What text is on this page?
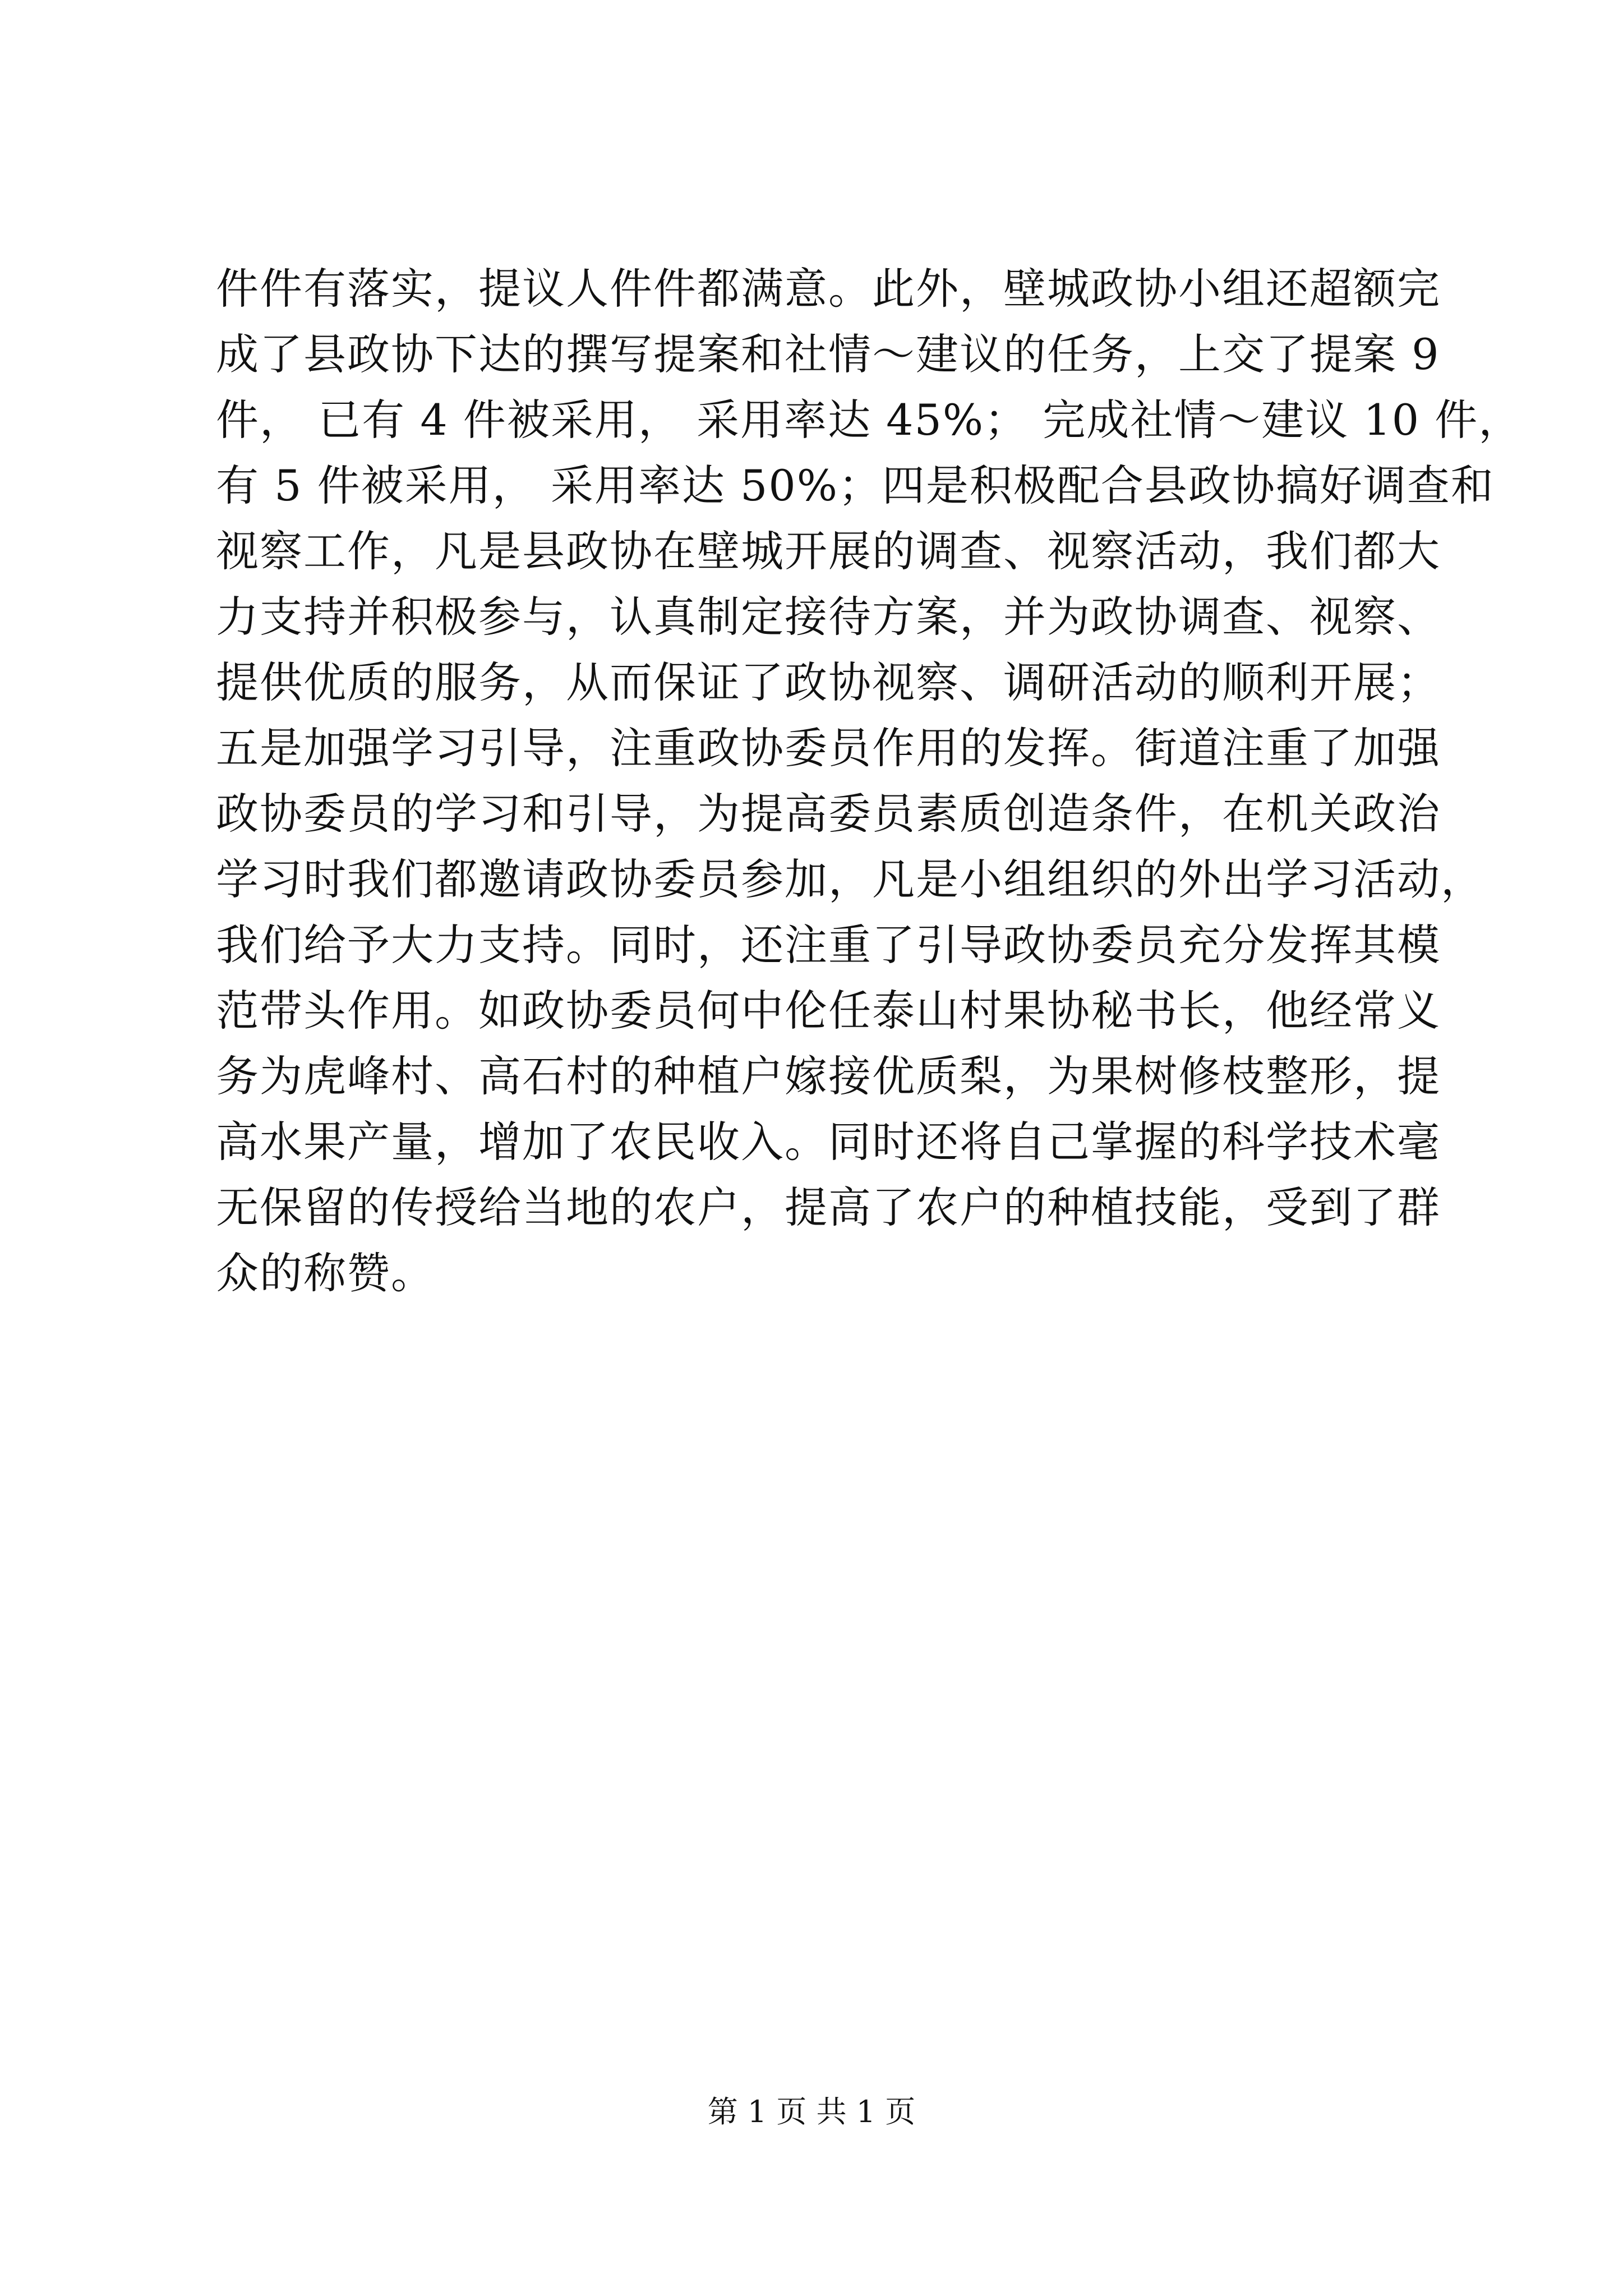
件件有落实，提议人件件都满意。此外，壁城政协小组还超额完
成了县政协下达的撰写提案和社情～建议的任务，上交了提案 9
件， 已有 4 件被采用， 采用率达 45%； 完成社情～建议 10 件，
有 5 件被采用， 采用率达 50%；四是积极配合县政协搞好调查和
视察工作，凡是县政协在壁城开展的调查、视察活动，我们都大
力支持并积极参与，认真制定接待方案，并为政协调查、视察、
提供优质的服务，从而保证了政协视察、调研活动的顺利开展；
五是加强学习引导，注重政协委员作用的发挥。街道注重了加强
政协委员的学习和引导，为提高委员素质创造条件，在机关政治
学习时我们都邀请政协委员参加，凡是小组组织的外出学习活动，
我们给予大力支持。同时，还注重了引导政协委员充分发挥其模
范带头作用。如政协委员何中伦任泰山村果协秘书长，他经常义
务为虎峰村、高石村的种植户嫁接优质梨，为果树修枝整形，提
高水果产量，增加了农民收入。同时还将自己掌握的科学技术毫
无保留的传授给当地的农户，提高了农户的种植技能，受到了群
众的称赞。
第 1 页 共 1 页
